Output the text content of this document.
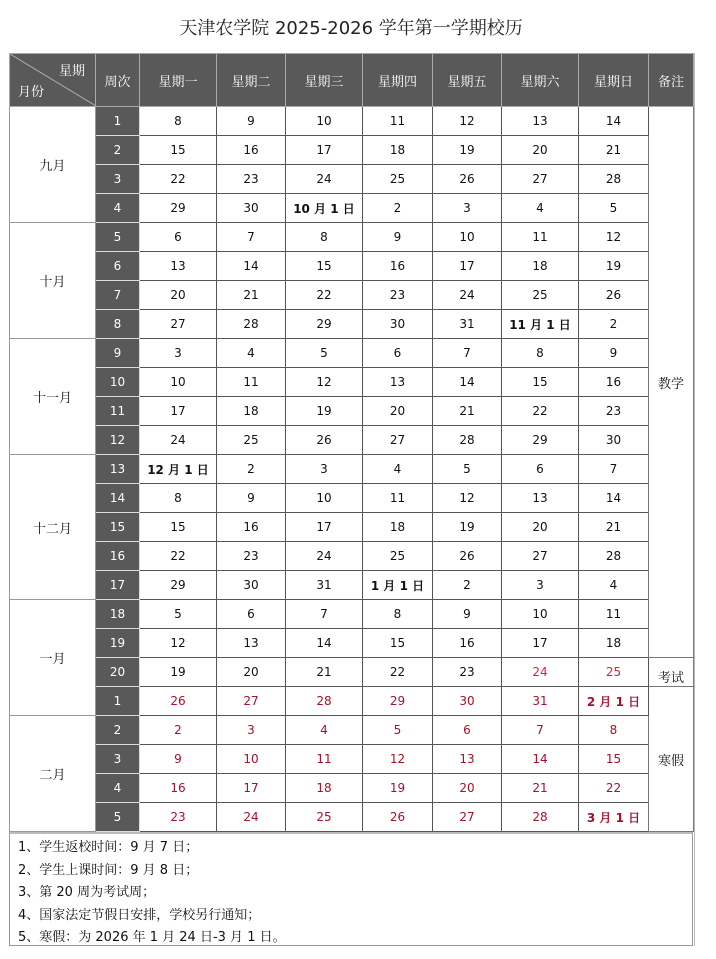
天津农学院 2025-2026 学年第一学期校历
星期
月份	周次	星期一	星期二	星期三	星期四	星期五	星期六	星期日	备注
九月	1	8	9	10	11	12	13	14	教学
	2	15	16	17	18	19	20	21	
	3	22	23	24	25	26	27	28	
	4	29	30	10 月 1 日	2	3	4	5	
十月	5	6	7	8	9	10	11	12	
	6	13	14	15	16	17	18	19	
	7	20	21	22	23	24	25	26	
	8	27	28	29	30	31	11 月 1 日	2	
十一月	9	3	4	5	6	7	8	9	
	10	10	11	12	13	14	15	16	
	11	17	18	19	20	21	22	23	
	12	24	25	26	27	28	29	30	
十二月	13	12 月 1 日	2	3	4	5	6	7	
	14	8	9	10	11	12	13	14	
	15	15	16	17	18	19	20	21	
	16	22	23	24	25	26	27	28	
	17	29	30	31	1 月 1 日	2	3	4	
一月	18	5	6	7	8	9	10	11	
	19	12	13	14	15	16	17	18	
	20	19	20	21	22	23	24	25	考试
	1	26	27	28	29	30	31	2 月 1 日	寒假
二月	2	2	3	4	5	6	7	8	
	3	9	10	11	12	13	14	15	
	4	16	17	18	19	20	21	22	
	5	23	24	25	26	27	28	3 月 1 日	
1、学生返校时间：9 月 7 日；
2、学生上课时间：9 月 8 日；
3、第 20 周为考试周；
4、国家法定节假日安排，学校另行通知；
5、寒假：为 2026 年 1 月 24 日-3 月 1 日。
